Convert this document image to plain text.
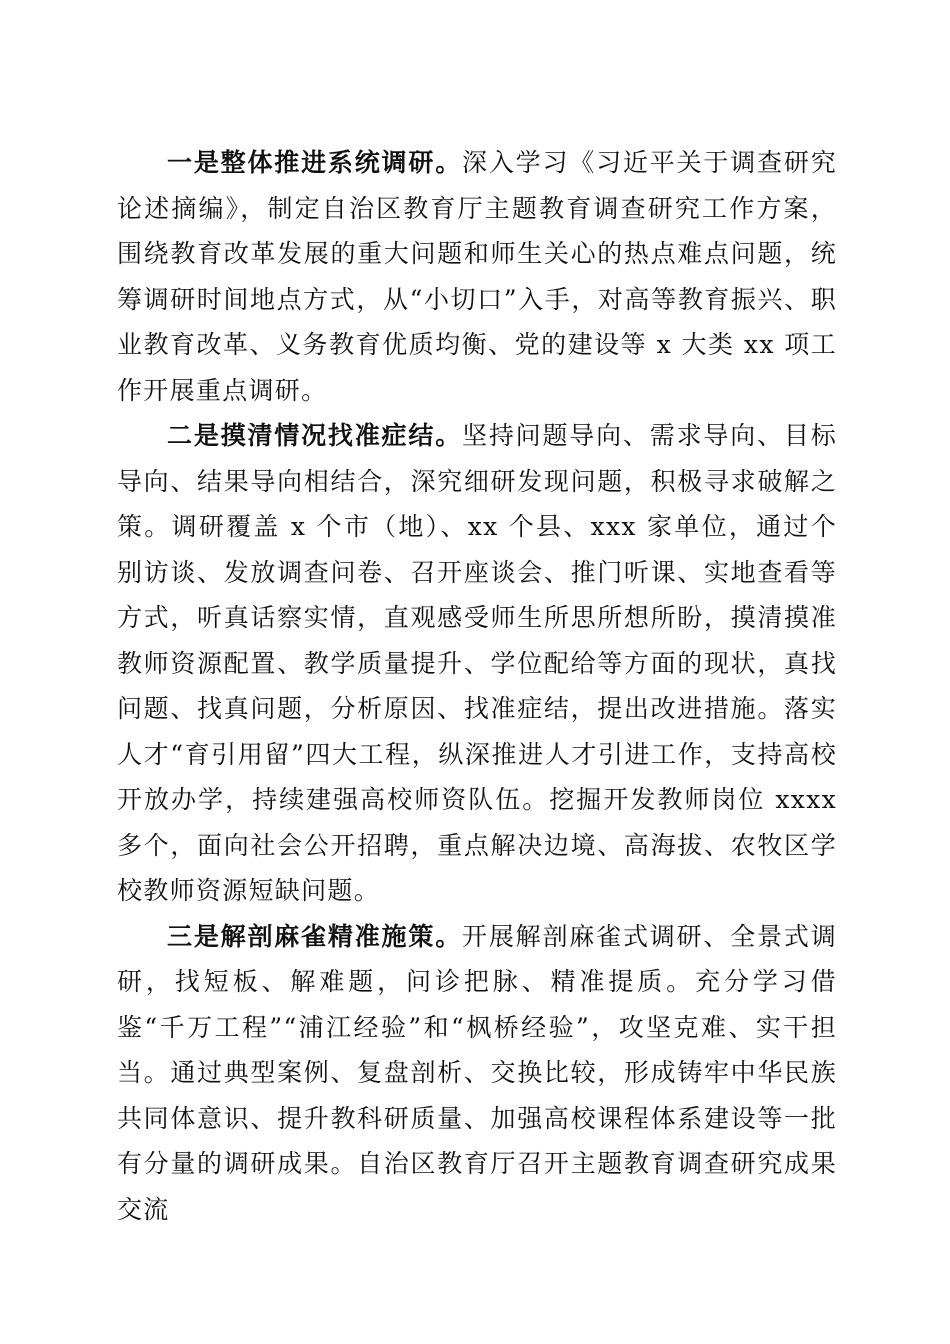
一是整体推进系统调研。深入学习《习近平关于调查研究论述摘编》，制定自治区教育厅主题教育调查研究工作方案，围绕教育改革发展的重大问题和师生关心的热点难点问题，统筹调研时间地点方式，从“小切口”入手，对高等教育振兴、职业教育改革、义务教育优质均衡、党的建设等 x 大类 xx 项工作开展重点调研。

二是摸清情况找准症结。坚持问题导向、需求导向、目标导向、结果导向相结合，深究细研发现问题，积极寻求破解之策。调研覆盖 x 个市（地）、xx 个县、xxx 家单位，通过个别访谈、发放调查问卷、召开座谈会、推门听课、实地查看等方式，听真话察实情，直观感受师生所思所想所盼，摸清摸准教师资源配置、教学质量提升、学位配给等方面的现状，真找问题、找真问题，分析原因、找准症结，提出改进措施。落实人才“育引用留”四大工程，纵深推进人才引进工作，支持高校开放办学，持续建强高校师资队伍。挖掘开发教师岗位 xxxx 多个，面向社会公开招聘，重点解决边境、高海拔、农牧区学校教师资源短缺问题。

三是解剖麻雀精准施策。开展解剖麻雀式调研、全景式调研，找短板、解难题，问诊把脉、精准提质。充分学习借鉴“千万工程”“浦江经验”和“枫桥经验”，攻坚克难、实干担当。通过典型案例、复盘剖析、交换比较，形成铸牢中华民族共同体意识、提升教科研质量、加强高校课程体系建设等一批有分量的调研成果。自治区教育厅召开主题教育调查研究成果交流
